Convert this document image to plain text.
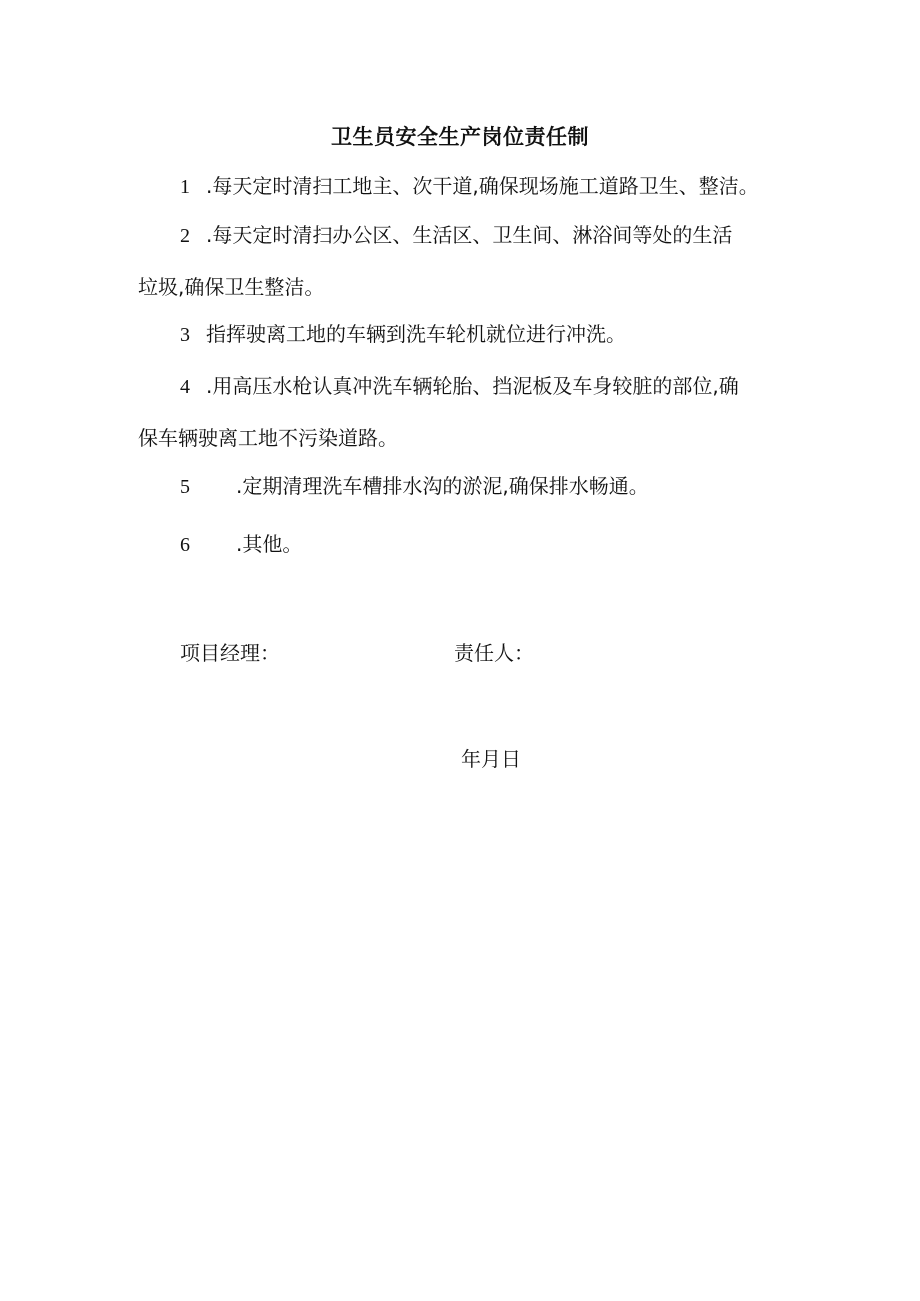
卫生员安全生产岗位责任制
1 .每天定时清扫工地主、次干道,确保现场施工道路卫生、整洁。
2 .每天定时清扫办公区、生活区、卫生间、淋浴间等处的生活
垃圾,确保卫生整洁。
3 指挥驶离工地的车辆到洗车轮机就位进行冲洗。
4 .用高压水枪认真冲洗车辆轮胎、挡泥板及车身较脏的部位,确
保车辆驶离工地不污染道路。
5 .定期清理洗车槽排水沟的淤泥,确保排水畅通。
6 .其他。
项目经理：	责任人：
年月日
